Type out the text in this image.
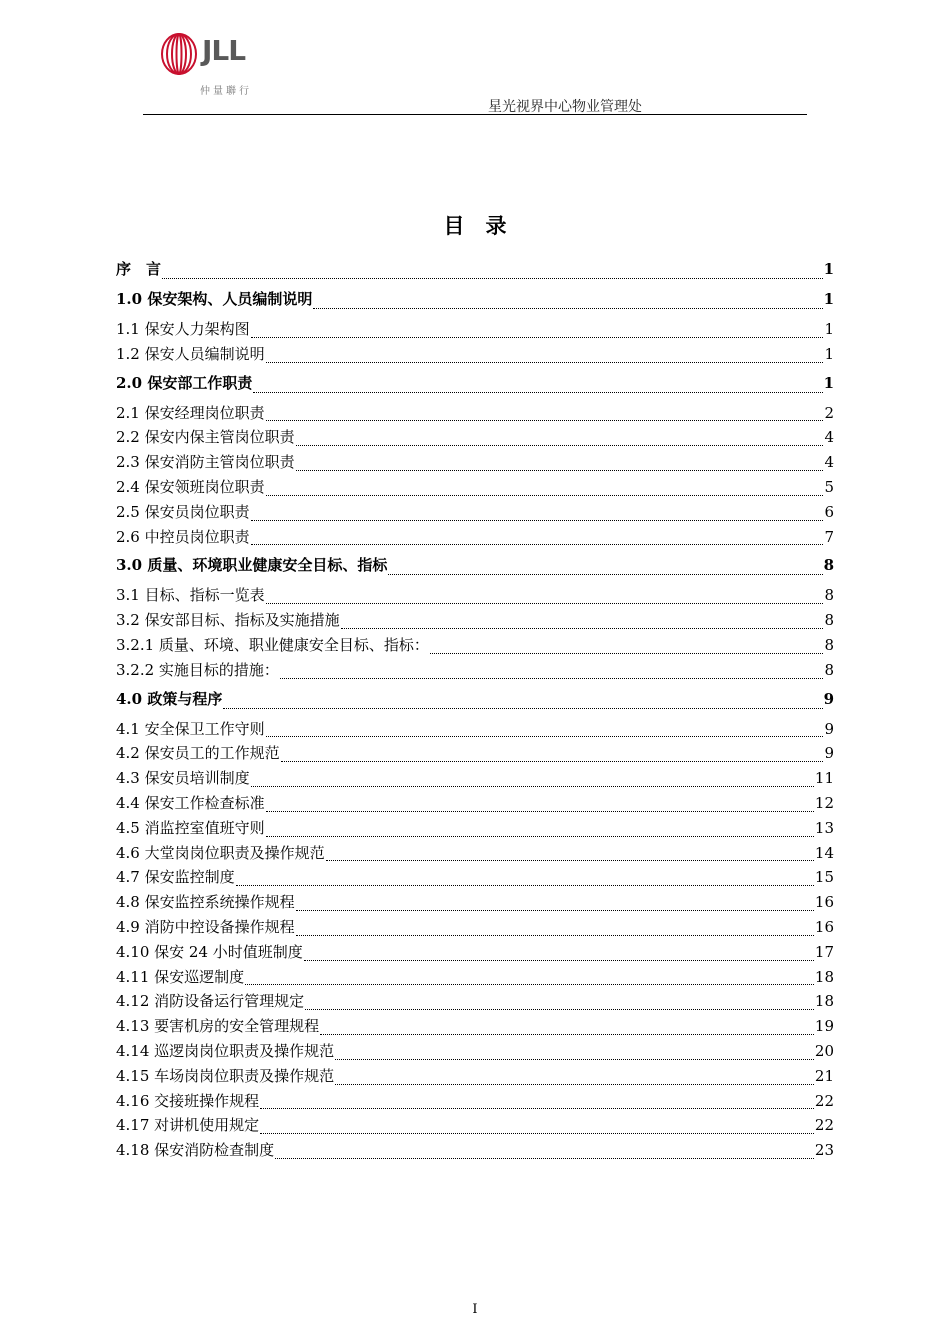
JLL
仲量聯行
星光视界中心物业管理处
目　录
序　言	1
1.0 保安架构、人员编制说明	1
1.1 保安人力架构图	1
1.2 保安人员编制说明	1
2.0 保安部工作职责	1
2.1 保安经理岗位职责	2
2.2 保安内保主管岗位职责	4
2.3 保安消防主管岗位职责	4
2.4 保安领班岗位职责	5
2.5 保安员岗位职责	6
2.6 中控员岗位职责	7
3.0 质量、环境职业健康安全目标、指标	8
3.1 目标、指标一览表	8
3.2 保安部目标、指标及实施措施	8
3.2.1 质量、环境、职业健康安全目标、指标：	8
3.2.2 实施目标的措施：	8
4.0 政策与程序	9
4.1 安全保卫工作守则	9
4.2 保安员工的工作规范	9
4.3 保安员培训制度	11
4.4 保安工作检查标准	12
4.5 消监控室值班守则	13
4.6 大堂岗岗位职责及操作规范	14
4.7 保安监控制度	15
4.8 保安监控系统操作规程	16
4.9 消防中控设备操作规程	16
4.10 保安 24 小时值班制度	17
4.11 保安巡逻制度	18
4.12 消防设备运行管理规定	18
4.13 要害机房的安全管理规程	19
4.14 巡逻岗岗位职责及操作规范	20
4.15 车场岗岗位职责及操作规范	21
4.16 交接班操作规程	22
4.17 对讲机使用规定	22
4.18 保安消防检查制度	23
I
